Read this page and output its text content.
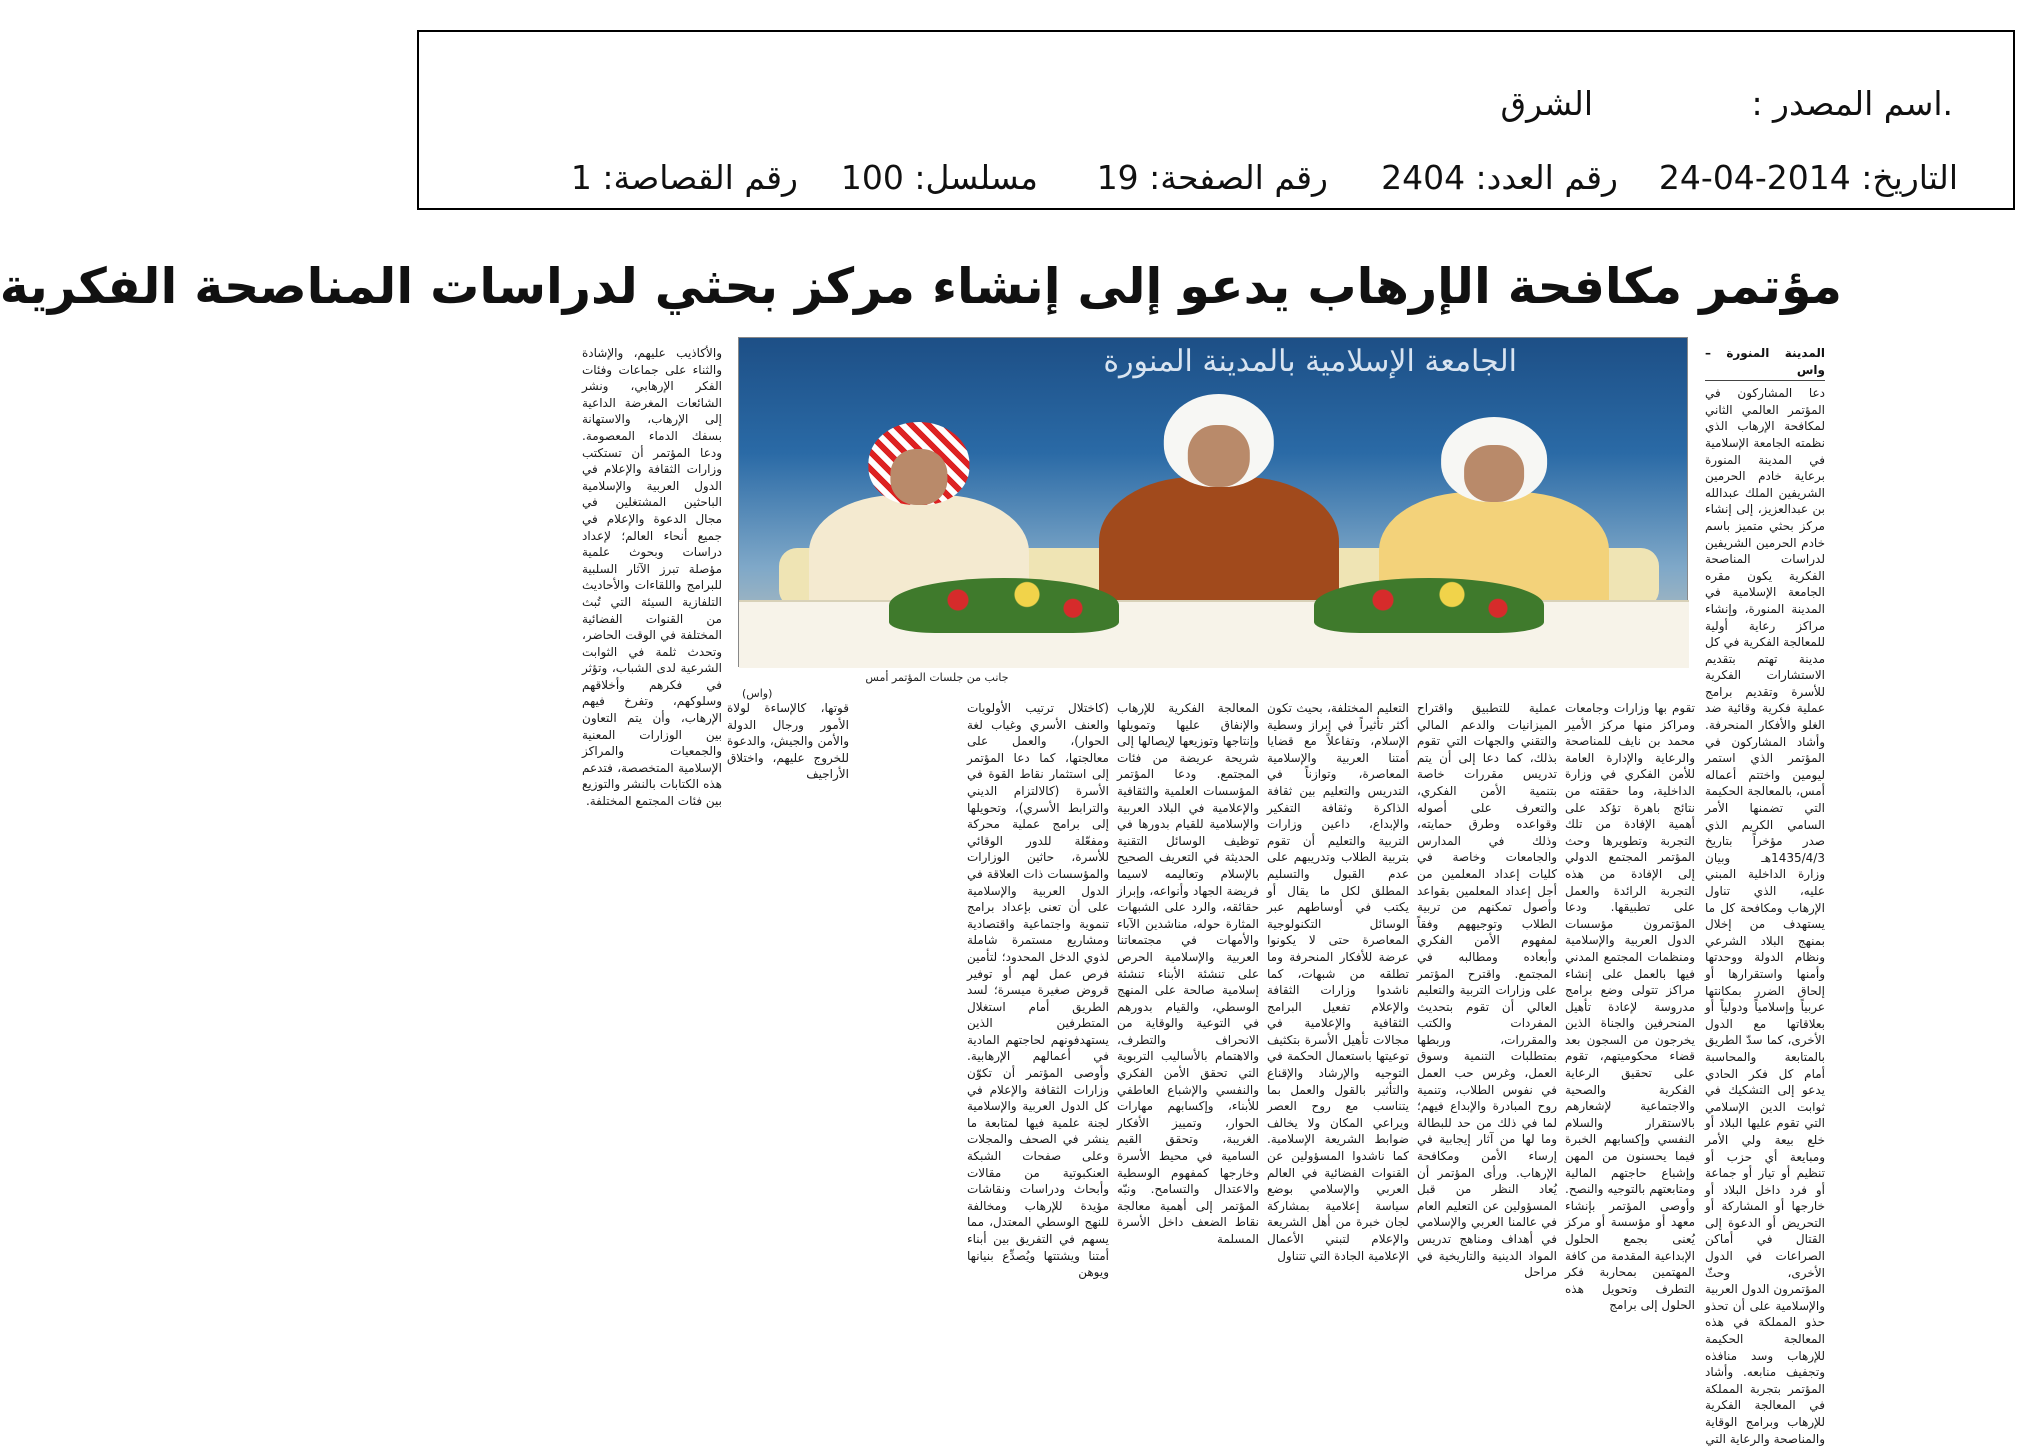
.اسم المصدر :
الشرق
التاريخ: 2014-04-24
رقم العدد: 2404
رقم الصفحة: 19
مسلسل: 100
رقم القصاصة: 1
مؤتمر مكافحة الإرهاب يدعو إلى إنشاء مركز بحثي لدراسات المناصحة الفكرية
الجامعة الإسلامية بالمدينة المنورة
جانب من جلسات المؤتمر أمس
(واس)
المدينة المنورة – واس

دعا المشاركون في المؤتمر العالمي الثاني لمكافحة الإرهاب الذي نظمته الجامعة الإسلامية في المدينة المنورة برعاية خادم الحرمين الشريفين الملك عبدالله بن عبدالعزيز، إلى إنشاء مركز بحثي متميز باسم خادم الحرمين الشريفين لدراسات المناصحة الفكرية يكون مقره الجامعة الإسلامية في المدينة المنورة، وإنشاء مراكز رعاية أولية للمعالجة الفكرية في كل مدينة تهتم بتقديم الاستشارات الفكرية للأسرة وتقديم برامج عملية فكرية وقائية ضد الغلو والأفكار المنحرفة. وأشاد المشاركون في المؤتمر الذي استمر ليومين واختتم أعماله أمس، بالمعالجة الحكيمة التي تضمنها الأمر السامي الكريم الذي صدر مؤخراً بتاريخ 1435/4/3هـ وبيان وزارة الداخلية المبني عليه، الذي تناول الإرهاب ومكافحة كل ما يستهدف من إخلال بمنهج البلاد الشرعي ونظام الدولة ووحدتها وأمنها واستقرارها أو إلحاق الضرر بمكانتها عربياً وإسلامياً ودولياً أو بعلاقاتها مع الدول الأخرى، كما سدّ الطريق بالمتابعة والمحاسبة أمام كل فكر الحادي يدعو إلى التشكيك في ثوابت الدين الإسلامي التي تقوم عليها البلاد أو خلع بيعة ولي الأمر ومبايعة أي حزب أو تنظيم أو تيار أو جماعة أو فرد داخل البلاد أو خارجها أو المشاركة أو التحريض أو الدعوة إلى القتال في أماكن الصراعات في الدول الأخرى، وحثّ المؤتمرون الدول العربية والإسلامية على أن تحذو حذو المملكة في هذه المعالجة الحكيمة للإرهاب وسد منافذه وتجفيف منابعه. وأشاد المؤتمر بتجربة المملكة في المعالجة الفكرية للإرهاب وبرامج الوقاية والمناصحة والرعاية التي

والأكاذيب عليهم، والإشادة والثناء على جماعات وفئات الفكر الإرهابي، ونشر الشائعات المغرضة الداعية إلى الإرهاب، والاستهانة بسفك الدماء المعصومة. ودعا المؤتمر أن تستكتب وزارات الثقافة والإعلام في الدول العربية والإسلامية الباحثين المشتغلين في مجال الدعوة والإعلام في جميع أنحاء العالم؛ لإعداد دراسات وبحوث علمية مؤصلة تبرز الآثار السلبية للبرامج واللقاءات والأحاديث التلفازية السيئة التي تُبث من القنوات الفضائية المختلفة في الوقت الحاضر، وتحدث ثلمة في الثوابت الشرعية لدى الشباب، وتؤثر في فكرهم وأخلاقهم وسلوكهم، وتفرخ فيهم الإرهاب، وأن يتم التعاون بين الوزارات المعنية والجمعيات والمراكز الإسلامية المتخصصة، فتدعم هذه الكتابات بالنشر والتوزيع بين فئات المجتمع المختلفة.

تقوم بها وزارات وجامعات ومراكز منها مركز الأمير محمد بن نايف للمناصحة والرعاية والإدارة العامة للأمن الفكري في وزارة الداخلية، وما حققته من نتائج باهرة تؤكد على أهمية الإفادة من تلك التجربة وتطويرها وحث المؤتمر المجتمع الدولي إلى الإفادة من هذه التجربة الرائدة والعمل على تطبيقها. ودعا المؤتمرون مؤسسات الدول العربية والإسلامية ومنظمات المجتمع المدني فيها بالعمل على إنشاء مراكز تتولى وضع برامج مدروسة لإعادة تأهيل المنحرفين والجناة الذين يخرجون من السجون بعد قضاء محكوميتهم، تقوم على تحقيق الرعاية الفكرية والصحية والاجتماعية لإشعارهم بالاستقرار والسلام النفسي وإكسابهم الخبرة فيما يحسنون من المهن وإشباع حاجتهم المالية ومتابعتهم بالتوجيه والنصح. وأوصى المؤتمر بإنشاء معهد أو مؤسسة أو مركز يُعنى بجمع الحلول الإبداعية المقدمة من كافة المهتمين بمحاربة فكر التطرف وتحويل هذه الحلول إلى برامج

عملية للتطبيق واقتراح الميزانيات والدعم المالي والتقني والجهات التي تقوم بذلك، كما دعا إلى أن يتم تدريس مقررات خاصة بتنمية الأمن الفكري، والتعرف على أصوله وقواعده وطرق حمايته، وذلك في المدارس والجامعات وخاصة في كليات إعداد المعلمين من أجل إعداد المعلمين بقواعد وأصول تمكنهم من تربية الطلاب وتوجيههم وفقاً لمفهوم الأمن الفكري وأبعاده ومطالبه في المجتمع. واقترح المؤتمر على وزارات التربية والتعليم العالي أن تقوم بتحديث المفردات والكتب والمقررات، وربطها بمتطلبات التنمية وسوق العمل، وغرس حب العمل في نفوس الطلاب، وتنمية روح المبادرة والإبداع فيهم؛ لما في ذلك من حد للبطالة وما لها من آثار إيجابية في إرساء الأمن ومكافحة الإرهاب. ورأى المؤتمر أن يُعاد النظر من قبل المسؤولين عن التعليم العام في عالمنا العربي والإسلامي في أهداف ومناهج تدريس المواد الدينية والتاريخية في مراحل

التعليم المختلفة، بحيث تكون أكثر تأثيراً في إبراز وسطية الإسلام، وتفاعلاً مع قضايا أمتنا العربية والإسلامية المعاصرة، وتوازناً في التدريس والتعليم بين ثقافة الذاكرة وثقافة التفكير والإبداع، داعين وزارات التربية والتعليم أن تقوم بتربية الطلاب وتدريبهم على عدم القبول والتسليم المطلق لكل ما يقال أو يكتب في أوساطهم عبر الوسائل التكنولوجية المعاصرة حتى لا يكونوا عرضة للأفكار المنحرفة وما تطلقه من شبهات، كما ناشدوا وزارات الثقافة والإعلام تفعيل البرامج الثقافية والإعلامية في مجالات تأهيل الأسرة بتكثيف توعيتها باستعمال الحكمة في التوجيه والإرشاد والإقناع والتأثير بالقول والعمل بما يتناسب مع روح العصر ويراعي المكان ولا يخالف ضوابط الشريعة الإسلامية. كما ناشدوا المسؤولين عن القنوات الفضائية في العالم العربي والإسلامي بوضع سياسة إعلامية بمشاركة لجان خبرة من أهل الشريعة والإعلام لتبني الأعمال الإعلامية الجادة التي تتناول

المعالجة الفكرية للإرهاب والإنفاق عليها وتمويلها وإنتاجها وتوزيعها لإيصالها إلى شريحة عريضة من فئات المجتمع. ودعا المؤتمر المؤسسات العلمية والثقافية والإعلامية في البلاد العربية والإسلامية للقيام بدورها في توظيف الوسائل التقنية الحديثة في التعريف الصحيح بالإسلام وتعاليمه لاسيما فريضة الجهاد وأنواعه، وإبراز حقائقه، والرد على الشبهات المثارة حوله، مناشدين الآباء والأمهات في مجتمعاتنا العربية والإسلامية الحرص على تنشئة الأبناء تنشئة إسلامية صالحة على المنهج الوسطي، والقيام بدورهم في التوعية والوقاية من الانحراف والتطرف، والاهتمام بالأساليب التربوية التي تحقق الأمن الفكري والنفسي والإشباع العاطفي للأبناء، وإكسابهم مهارات الحوار، وتمييز الأفكار الغريبة، وتحقق القيم السامية في محيط الأسرة وخارجها كمفهوم الوسطية والاعتدال والتسامح. ونبّه المؤتمر إلى أهمية معالجة نقاط الضعف داخل الأسرة المسلمة

(كاختلال ترتيب الأولويات والعنف الأسري وغياب لغة الحوار)، والعمل على معالجتها، كما دعا المؤتمر إلى استثمار نقاط القوة في الأسرة (كالالتزام الديني والترابط الأسري)، وتحويلها إلى برامج عملية محركة ومفعّلة للدور الوقائي للأسرة، حاثين الوزارات والمؤسسات ذات العلاقة في الدول العربية والإسلامية على أن تعنى بإعداد برامج تنموية واجتماعية واقتصادية ومشاريع مستمرة شاملة لذوي الدخل المحدود؛ لتأمين فرص عمل لهم أو توفير قروض صغيرة ميسرة؛ لسد الطريق أمام استغلال المتطرفين الذين يستهدفونهم لحاجتهم المادية في أعمالهم الإرهابية. وأوصى المؤتمر أن تكوّن وزارات الثقافة والإعلام في كل الدول العربية والإسلامية لجنة علمية فيها لمتابعة ما ينشر في الصحف والمجلات وعلى صفحات الشبكة العنكبوتية من مقالات وأبحاث ودراسات ونقاشات مؤيدة للإرهاب ومخالفة للنهج الوسطي المعتدل، مما يسهم في التفريق بين أبناء أمتنا ويشتتها ويُصدِّع بنيانها ويوهن

قوتها، كالإساءة لولاة الأمور ورجال الدولة والأمن والجيش، والدعوة للخروج عليهم، واختلاق الأراجيف
